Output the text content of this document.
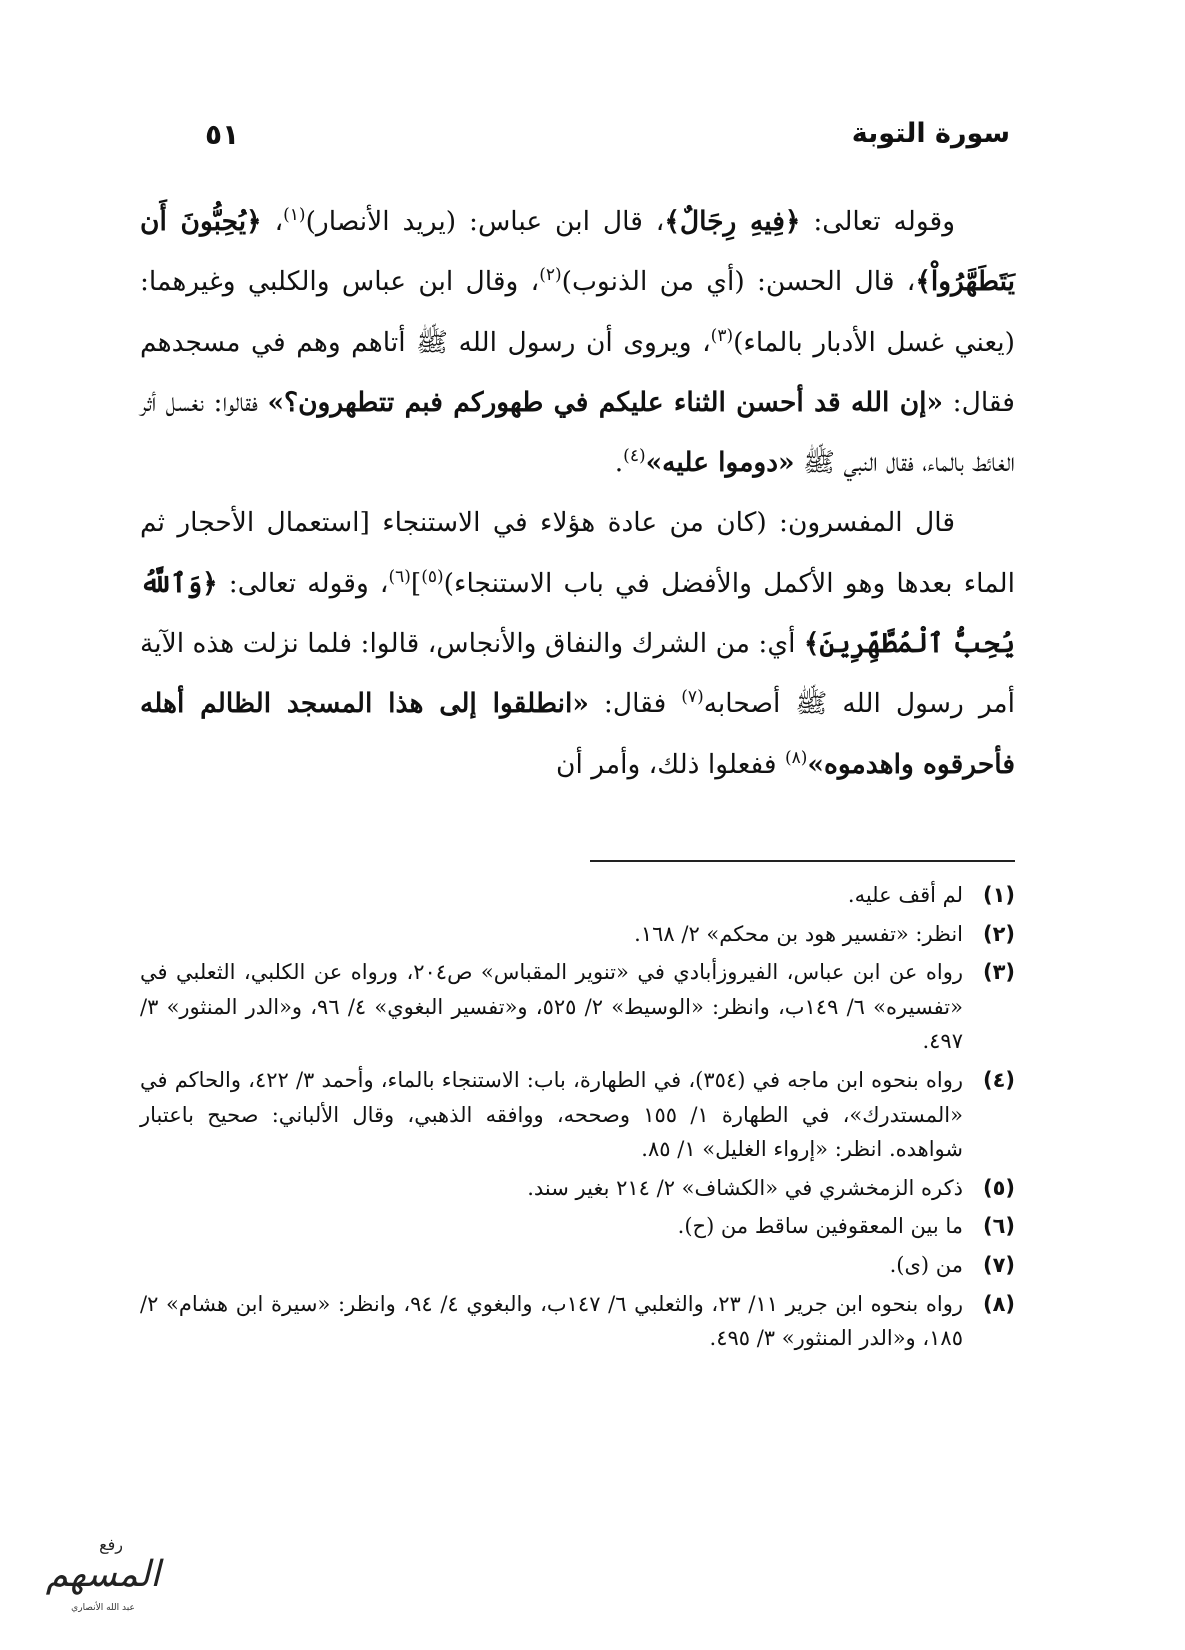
سورة التوبة
٥١

وقوله تعالى: ﴿فِيهِ رِجَالٌ﴾، قال ابن عباس: (يريد الأنصار)$^{(١)}$، ﴿يُحِبُّونَ أَن يَتَطَهَّرُواْ﴾، قال الحسن: (أي من الذنوب)$^{(٢)}$، وقال ابن عباس والكلبي وغيرهما: (يعني غسل الأدبار بالماء)$^{(٣)}$، ويروى أن رسول الله ﷺ أتاهم وهم في مسجدهم فقال: «إن الله قد أحسن الثناء عليكم في طهوركم فبم تتطهرون؟» فقالوا: نغسل أثر الغائط بالماء، فقال النبي ﷺ «دوموا عليه»$^{(٤)}$.

قال المفسرون: (كان من عادة هؤلاء في الاستنجاء [استعمال الأحجار ثم الماء بعدها وهو الأكمل والأفضل في باب الاستنجاء)$^{(٥)}$]$^{(٦)}$، وقوله تعالى: ﴿وَٱللَّهُ يُحِبُّ ٱلْمُطَّهِّرِينَ﴾ أي: من الشرك والنفاق والأنجاس، قالوا: فلما نزلت هذه الآية أمر رسول الله ﷺ أصحابه$^{(٧)}$ فقال: «انطلقوا إلى هذا المسجد الظالم أهله فأحرقوه واهدموه»$^{(٨)}$ ففعلوا ذلك، وأمر أن

(١)
لم أقف عليه.
(٢)
انظر: «تفسير هود بن محكم» ٢/ ١٦٨.
(٣)
رواه عن ابن عباس، الفيروزأبادي في «تنوير المقباس» ص٢٠٤، ورواه عن الكلبي، الثعلبي في «تفسيره» ٦/ ١٤٩ب، وانظر: «الوسيط» ٢/ ٥٢٥، و«تفسير البغوي» ٤/ ٩٦، و«الدر المنثور» ٣/ ٤٩٧.
(٤)
رواه بنحوه ابن ماجه في (٣٥٤)، في الطهارة، باب: الاستنجاء بالماء، وأحمد ٣/ ٤٢٢، والحاكم في «المستدرك»، في الطهارة ١/ ١٥٥ وصححه، ووافقه الذهبي، وقال الألباني: صحيح باعتبار شواهده. انظر: «إرواء الغليل» ١/ ٨٥.
(٥)
ذكره الزمخشري في «الكشاف» ٢/ ٢١٤ بغير سند.
(٦)
ما بين المعقوفين ساقط من (ح).
(٧)
من (ى).
(٨)
رواه بنحوه ابن جرير ١١/ ٢٣، والثعلبي ٦/ ١٤٧ب، والبغوي ٤/ ٩٤، وانظر: «سيرة ابن هشام» ٢/ ١٨٥، و«الدر المنثور» ٣/ ٤٩٥.
رفع
المسهم
عبد الله الأنصاري
